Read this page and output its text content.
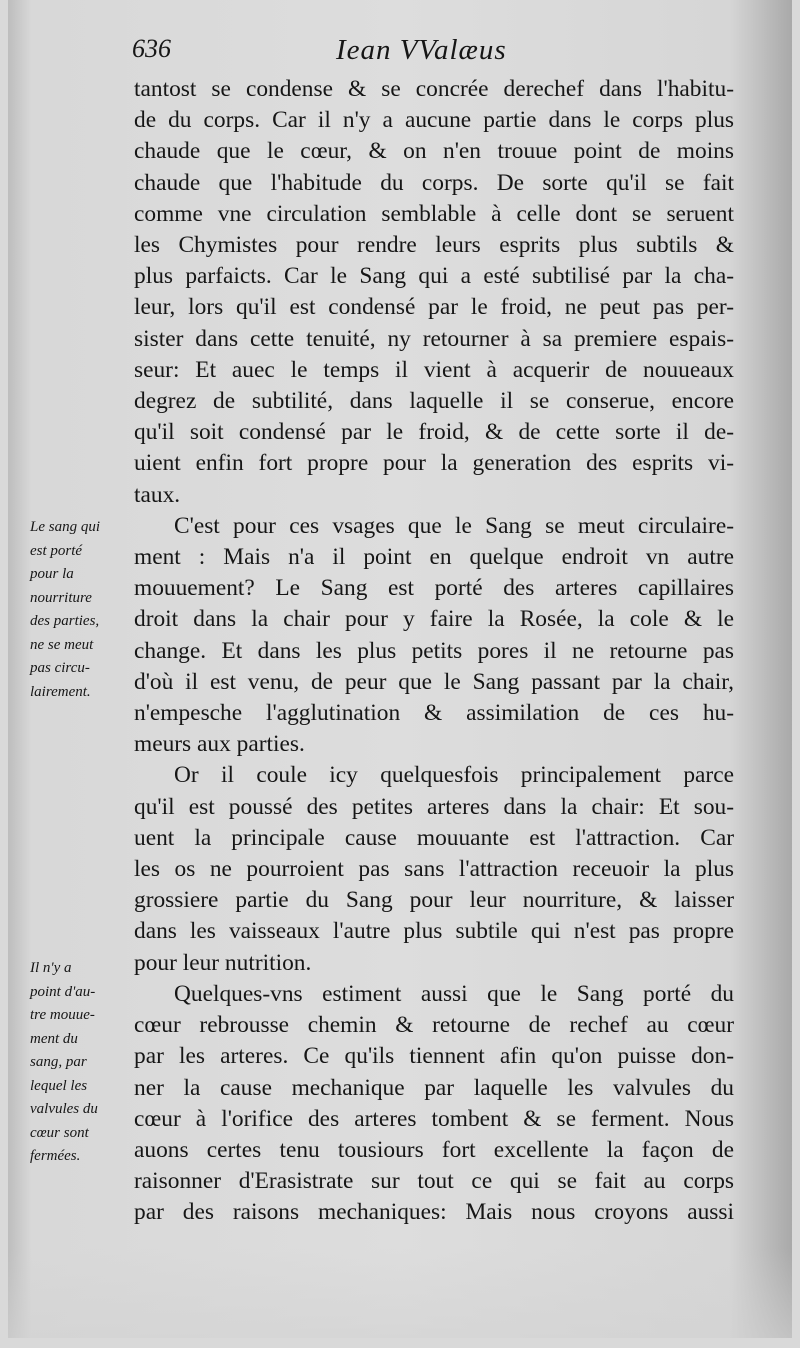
636	Iean VValæus
tantost se condense & se concrée derechef dans l'habitu-
de du corps. Car il n'y a aucune partie dans le corps plus
chaude que le cœur, & on n'en trouue point de moins
chaude que l'habitude du corps. De sorte qu'il se fait
comme vne circulation semblable à celle dont se seruent
les Chymistes pour rendre leurs esprits plus subtils &
plus parfaicts. Car le Sang qui a esté subtilisé par la cha-
leur, lors qu'il est condensé par le froid, ne peut pas per-
sister dans cette tenuité, ny retourner à sa premiere espais-
seur: Et auec le temps il vient à acquerir de nouueaux
degrez de subtilité, dans laquelle il se conserue, encore
qu'il soit condensé par le froid, & de cette sorte il de-
uient enfin fort propre pour la generation des esprits vi-
taux.
C'est pour ces vsages que le Sang se meut circulaire-
ment : Mais n'a il point en quelque endroit vn autre
mouuement? Le Sang est porté des arteres capillaires
droit dans la chair pour y faire la Rosée, la cole & le
change. Et dans les plus petits pores il ne retourne pas
d'où il est venu, de peur que le Sang passant par la chair,
n'empesche l'agglutination & assimilation de ces hu-
meurs aux parties.
Or il coule icy quelquesfois principalement parce
qu'il est poussé des petites arteres dans la chair: Et sou-
uent la principale cause mouuante est l'attraction. Car
les os ne pourroient pas sans l'attraction receuoir la plus
grossiere partie du Sang pour leur nourriture, & laisser
dans les vaisseaux l'autre plus subtile qui n'est pas propre
pour leur nutrition.
Quelques-vns estiment aussi que le Sang porté du
cœur rebrousse chemin & retourne de rechef au cœur
par les arteres. Ce qu'ils tiennent afin qu'on puisse don-
ner la cause mechanique par laquelle les valvules du
cœur à l'orifice des arteres tombent & se ferment. Nous
auons certes tenu tousiours fort excellente la façon de
raisonner d'Erasistrate sur tout ce qui se fait au corps
par des raisons mechaniques: Mais nous croyons aussi
Le sang qui
est porté
pour la
nourriture
des parties,
ne se meut
pas circu-
lairement.
Il n'y a
point d'au-
tre mouue-
ment du
sang, par
lequel les
valvules du
cœur sont
fermées.
